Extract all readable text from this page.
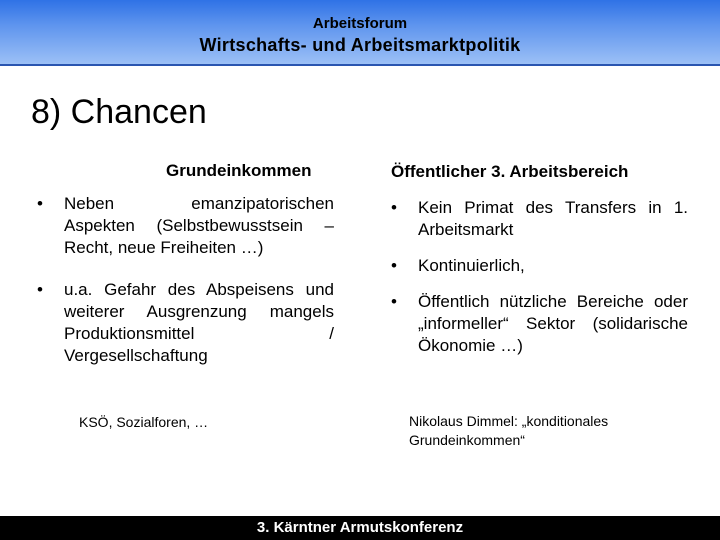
Arbeitsforum
Wirtschafts- und Arbeitsmarktpolitik
8) Chancen
Grundeinkommen
• Neben emanzipatorischen Aspekten (Selbstbewusstsein – Recht, neue Freiheiten …)
• u.a. Gefahr des Abspeisens und weiterer Ausgrenzung mangels Produktionsmittel / Vergesellschaftung
Öffentlicher 3. Arbeitsbereich
• Kein Primat des Transfers in 1. Arbeitsmarkt
• Kontinuierlich,
• Öffentlich nützliche Bereiche oder „informeller“ Sektor (solidarische Ökonomie …)
KSÖ, Sozialforen, …	Nikolaus Dimmel: „konditionales Grundeinkommen“
3. Kärntner Armutskonferenz
